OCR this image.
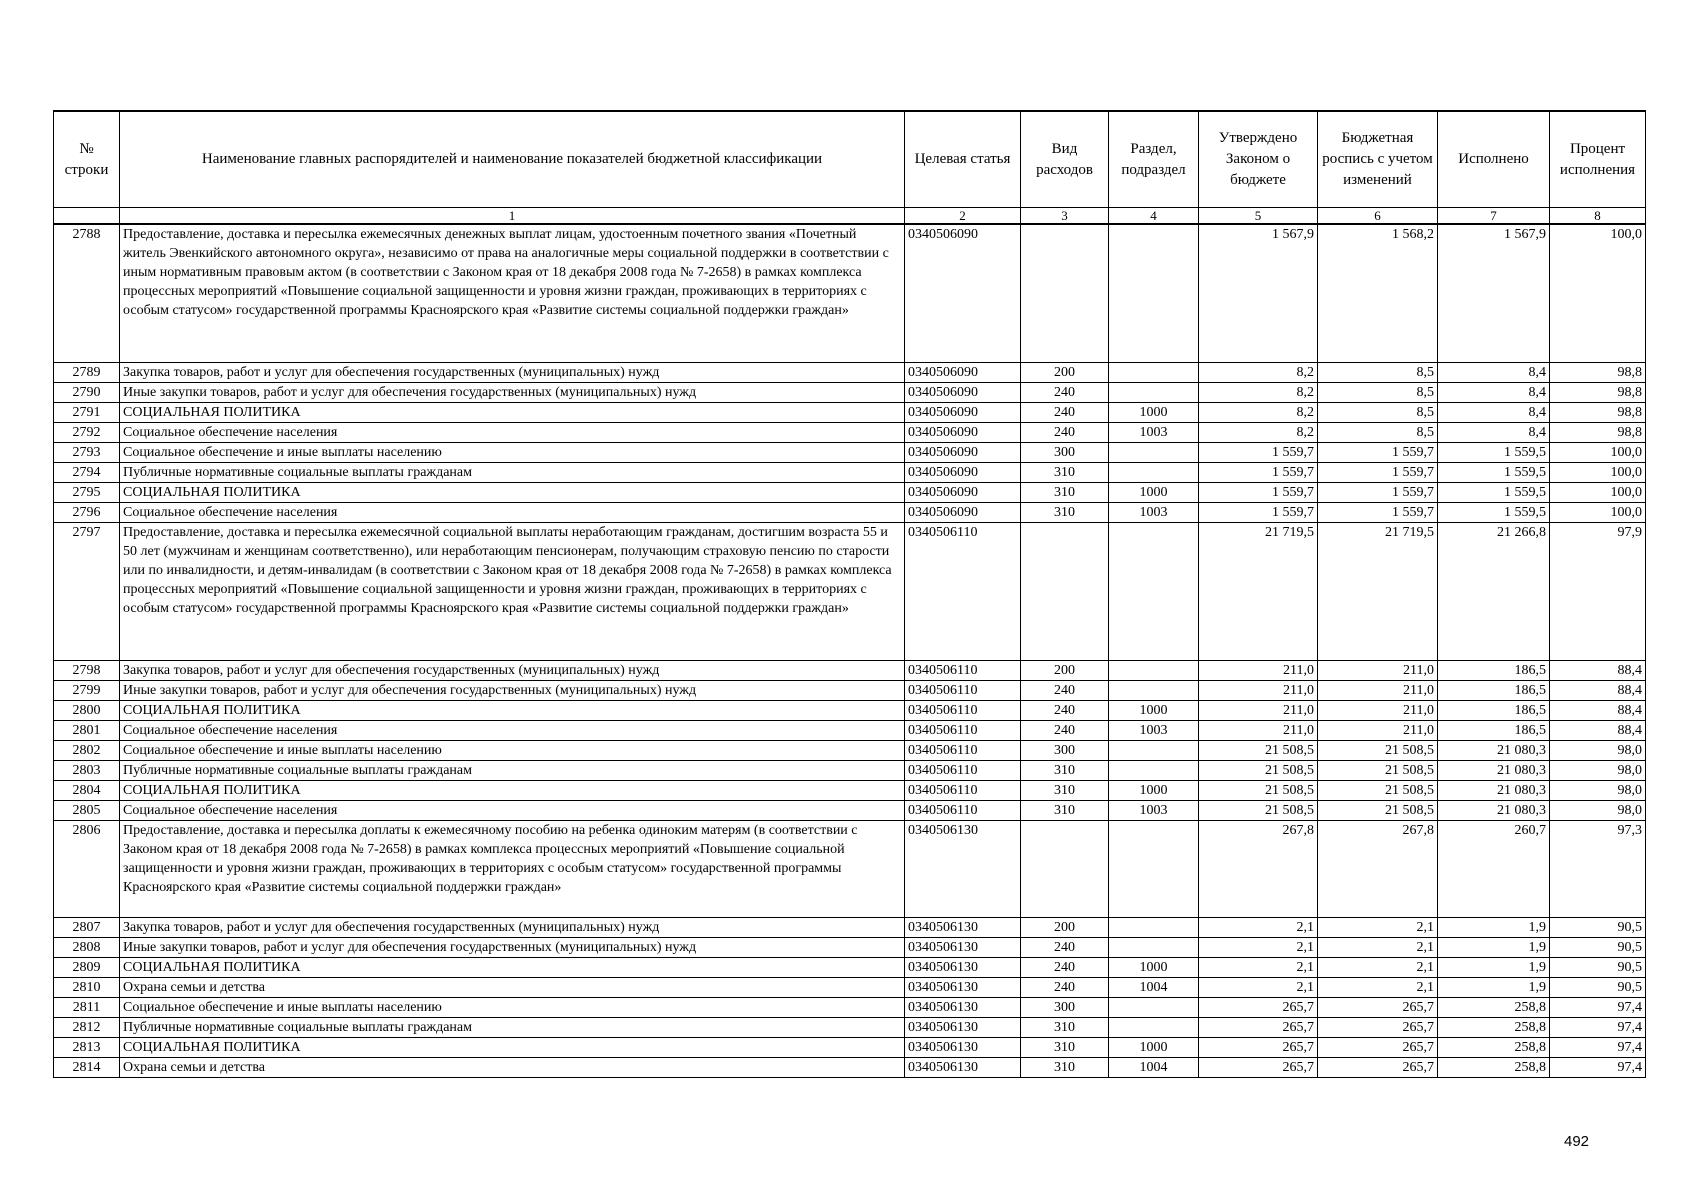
№ строки	Наименование главных распорядителей и наименование показателей бюджетной классификации	Целевая статья	Вид расходов	Раздел, подраздел	Утверждено Законом о бюджете	Бюджетная роспись с учетом изменений	Исполнено	Процент исполнения
	1	2	3	4	5	6	7	8
2788	Предоставление, доставка и пересылка ежемесячных денежных выплат лицам, удостоенным почетного звания «Почетный житель Эвенкийского автономного округа», независимо от права на аналогичные меры социальной поддержки в соответствии с иным нормативным правовым актом (в соответствии с Законом края от 18 декабря 2008 года № 7-2658) в рамках комплекса процессных мероприятий «Повышение социальной защищенности и уровня жизни граждан, проживающих в территориях с особым статусом» государственной программы Красноярского края «Развитие системы социальной поддержки граждан»	0340506090			1 567,9	1 568,2	1 567,9	100,0
2789	Закупка товаров, работ и услуг для обеспечения государственных (муниципальных) нужд	0340506090	200		8,2	8,5	8,4	98,8
2790	Иные закупки товаров, работ и услуг для обеспечения государственных (муниципальных) нужд	0340506090	240		8,2	8,5	8,4	98,8
2791	СОЦИАЛЬНАЯ ПОЛИТИКА	0340506090	240	1000	8,2	8,5	8,4	98,8
2792	Социальное обеспечение населения	0340506090	240	1003	8,2	8,5	8,4	98,8
2793	Социальное обеспечение и иные выплаты населению	0340506090	300		1 559,7	1 559,7	1 559,5	100,0
2794	Публичные нормативные социальные выплаты гражданам	0340506090	310		1 559,7	1 559,7	1 559,5	100,0
2795	СОЦИАЛЬНАЯ ПОЛИТИКА	0340506090	310	1000	1 559,7	1 559,7	1 559,5	100,0
2796	Социальное обеспечение населения	0340506090	310	1003	1 559,7	1 559,7	1 559,5	100,0
2797	Предоставление, доставка и пересылка ежемесячной социальной выплаты неработающим гражданам, достигшим возраста 55 и 50 лет (мужчинам и женщинам соответственно), или неработающим пенсионерам, получающим страховую пенсию по старости или по инвалидности, и детям-инвалидам (в соответствии с Законом края от 18 декабря 2008 года № 7-2658) в рамках комплекса процессных мероприятий «Повышение социальной защищенности и уровня жизни граждан, проживающих в территориях с особым статусом» государственной программы Красноярского края «Развитие системы социальной поддержки граждан»	0340506110			21 719,5	21 719,5	21 266,8	97,9
2798	Закупка товаров, работ и услуг для обеспечения государственных (муниципальных) нужд	0340506110	200		211,0	211,0	186,5	88,4
2799	Иные закупки товаров, работ и услуг для обеспечения государственных (муниципальных) нужд	0340506110	240		211,0	211,0	186,5	88,4
2800	СОЦИАЛЬНАЯ ПОЛИТИКА	0340506110	240	1000	211,0	211,0	186,5	88,4
2801	Социальное обеспечение населения	0340506110	240	1003	211,0	211,0	186,5	88,4
2802	Социальное обеспечение и иные выплаты населению	0340506110	300		21 508,5	21 508,5	21 080,3	98,0
2803	Публичные нормативные социальные выплаты гражданам	0340506110	310		21 508,5	21 508,5	21 080,3	98,0
2804	СОЦИАЛЬНАЯ ПОЛИТИКА	0340506110	310	1000	21 508,5	21 508,5	21 080,3	98,0
2805	Социальное обеспечение населения	0340506110	310	1003	21 508,5	21 508,5	21 080,3	98,0
2806	Предоставление, доставка и пересылка доплаты к ежемесячному пособию на ребенка одиноким матерям (в соответствии с Законом края от 18 декабря 2008 года № 7-2658) в рамках комплекса процессных мероприятий «Повышение социальной защищенности и уровня жизни граждан, проживающих в территориях с особым статусом» государственной программы Красноярского края «Развитие системы социальной поддержки граждан»	0340506130			267,8	267,8	260,7	97,3
2807	Закупка товаров, работ и услуг для обеспечения государственных (муниципальных) нужд	0340506130	200		2,1	2,1	1,9	90,5
2808	Иные закупки товаров, работ и услуг для обеспечения государственных (муниципальных) нужд	0340506130	240		2,1	2,1	1,9	90,5
2809	СОЦИАЛЬНАЯ ПОЛИТИКА	0340506130	240	1000	2,1	2,1	1,9	90,5
2810	Охрана семьи и детства	0340506130	240	1004	2,1	2,1	1,9	90,5
2811	Социальное обеспечение и иные выплаты населению	0340506130	300		265,7	265,7	258,8	97,4
2812	Публичные нормативные социальные выплаты гражданам	0340506130	310		265,7	265,7	258,8	97,4
2813	СОЦИАЛЬНАЯ ПОЛИТИКА	0340506130	310	1000	265,7	265,7	258,8	97,4
2814	Охрана семьи и детства	0340506130	310	1004	265,7	265,7	258,8	97,4
492
